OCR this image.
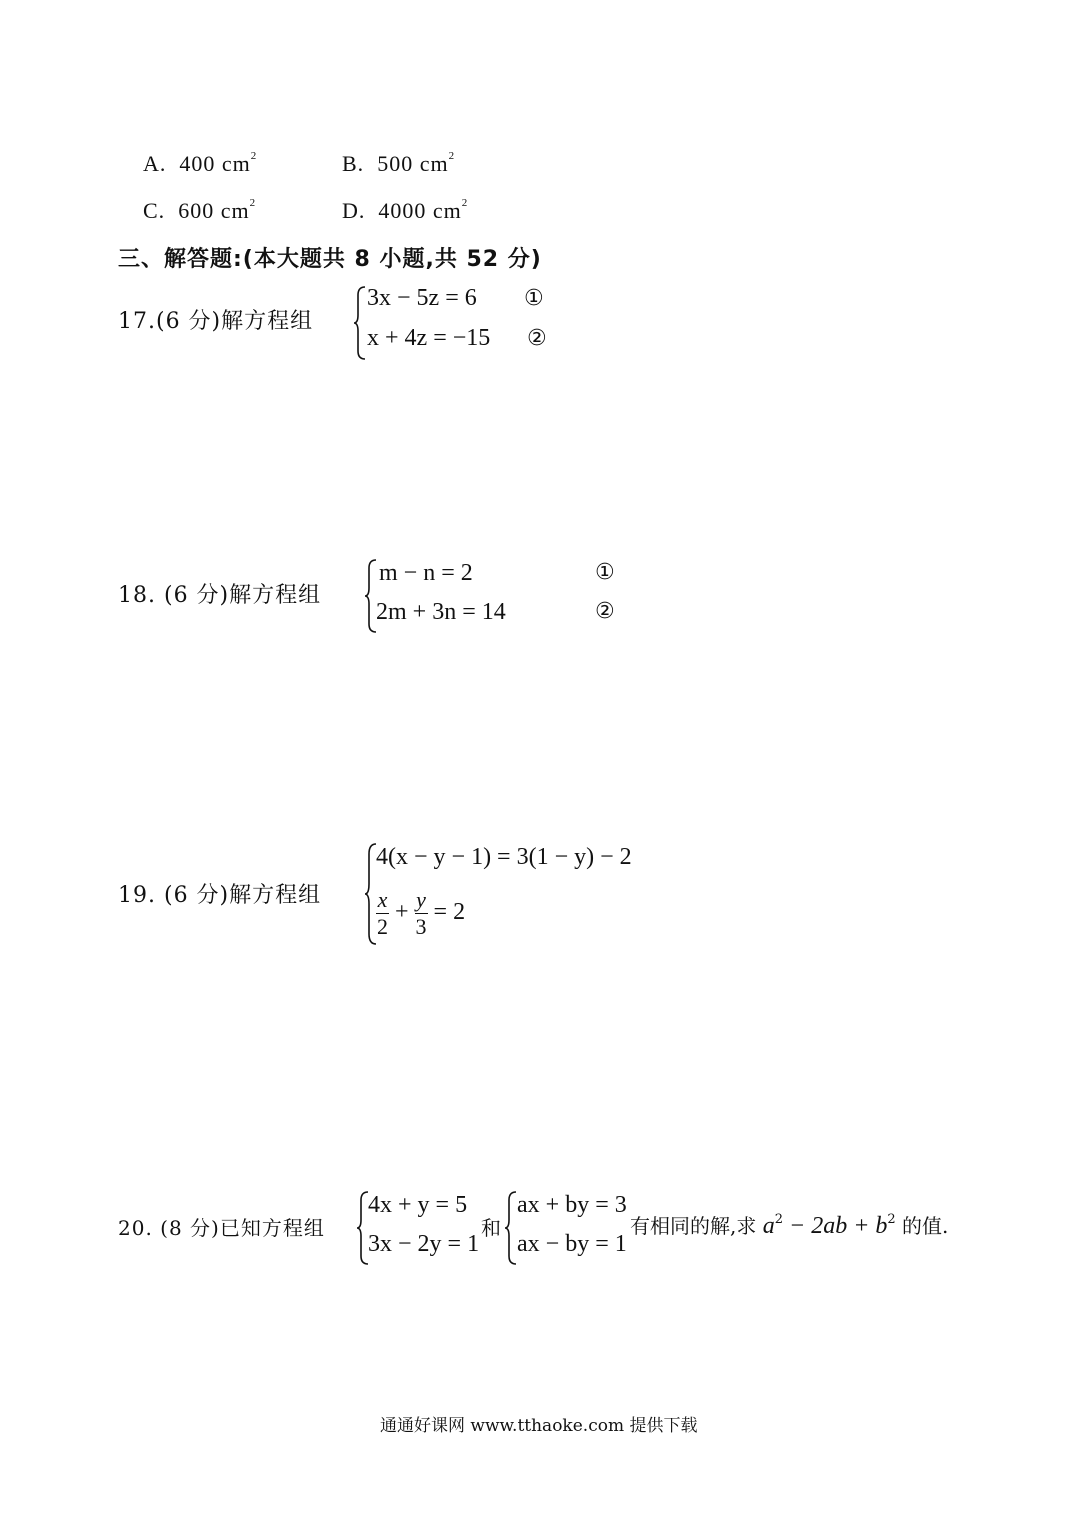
A. 400 $cm^2$	B. 500 $cm^2$
C. 600 $cm^2$	D. 4000 $cm^2$
三、解答题:(本大题共 8 小题,共 52 分)
17.(6 分)解方程组
3x − 5z = 6
x + 4z = −15
①
②
18. (6 分)解方程组
m − n = 2
2m + 3n = 14
①
②
19. (6 分)解方程组
4(x − y − 1) = 3(1 − y) − 2
$\frac{x}{2} + \frac{y}{3} = 2$
20. (8 分)已知方程组
4x + y = 5
3x − 2y = 1
和
ax + by = 3
ax − by = 1
有相同的解,求 $a^2 - 2ab + b^2$ 的值.
通通好课网 www.tthaoke.com 提供下载
